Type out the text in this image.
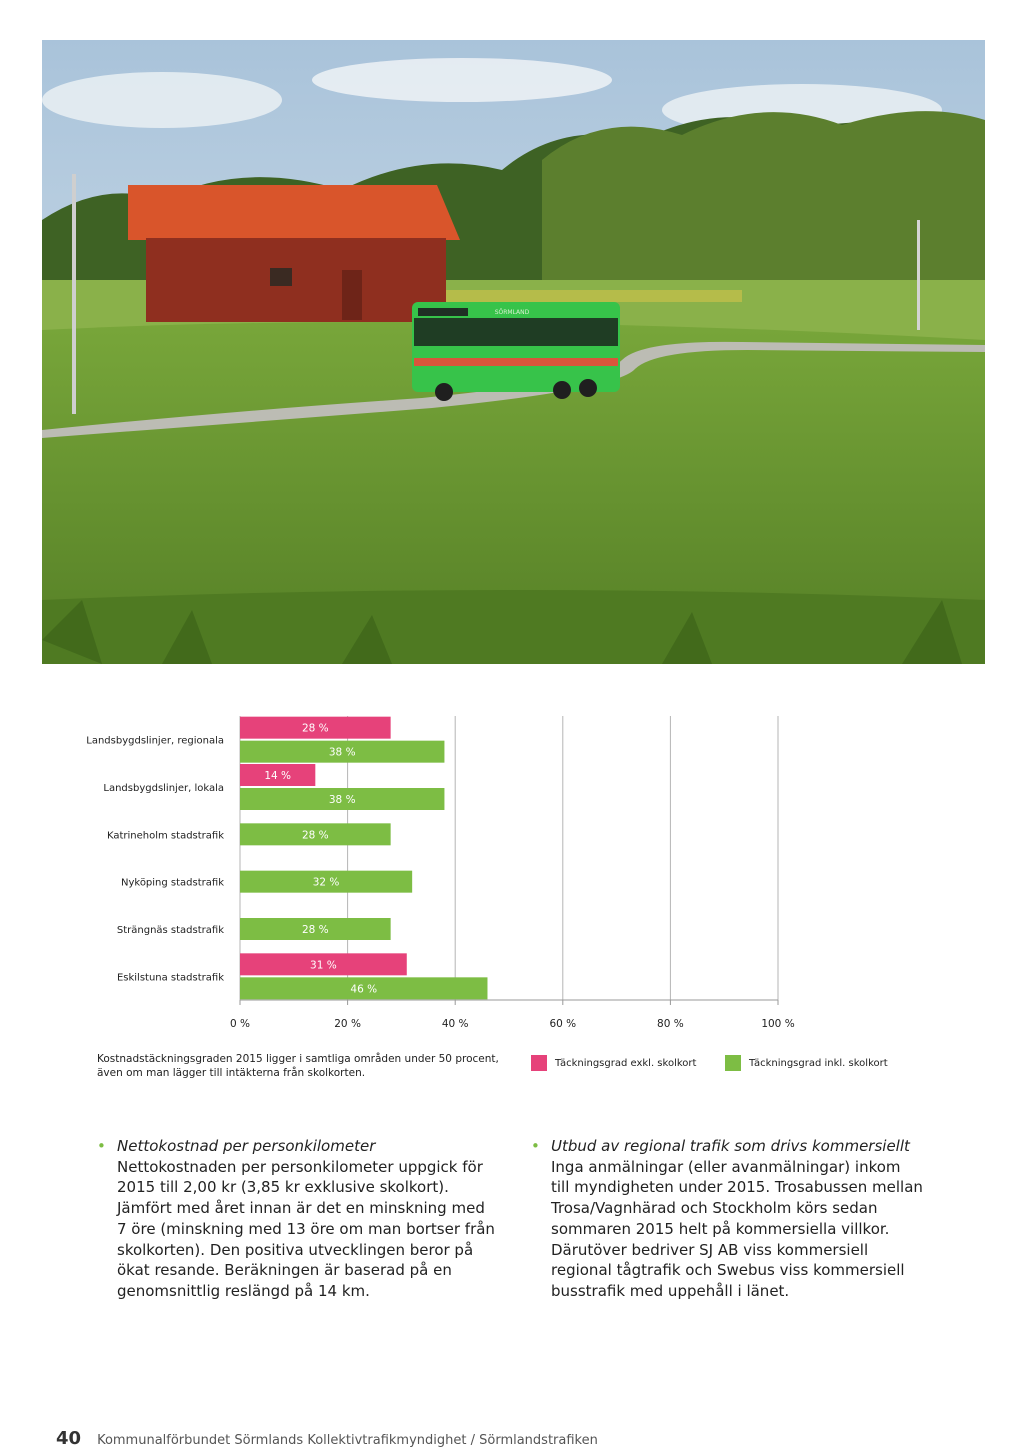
SÖRMLAND
0 %	20 %	40 %	60 %	80 %	100 %
28 %
38 %
Landsbygdslinjer, regionala
14 %
38 %
Landsbygdslinjer, lokala
28 %
Katrineholm stadstrafik
32 %
Nyköping stadstrafik
28 %
Strängnäs stadstrafik
31 %
46 %
Eskilstuna stadstrafik
Kostnadstäckningsgraden 2015 ligger i samtliga områden under 50 procent, även om man lägger till intäkterna från skolkorten.
Täckningsgrad exkl. skolkort	Täckningsgrad inkl. skolkort
• Nettokostnad per personkilometer
Nettokostnaden per personkilometer uppgick för 2015 till 2,00 kr (3,85 kr exklusive skolkort). Jämfört med året innan är det en minskning med 7 öre (minskning med 13 öre om man bortser från skolkorten). Den positiva utvecklingen beror på ökat resande. Beräkningen är baserad på en genomsnittlig reslängd på 14 km.
• Utbud av regional trafik som drivs kommersiellt
Inga anmälningar (eller avanmälningar) inkom till myndigheten under 2015. Trosabussen mellan Trosa/Vagnhärad och Stockholm körs sedan sommaren 2015 helt på kommersiella villkor. Därutöver bedriver SJ AB viss kommersiell regional tågtrafik och Swebus viss kommersiell busstrafik med uppehåll i länet.
40 Kommunalförbundet Sörmlands Kollektivtrafikmyndighet / Sörmlandstrafiken
